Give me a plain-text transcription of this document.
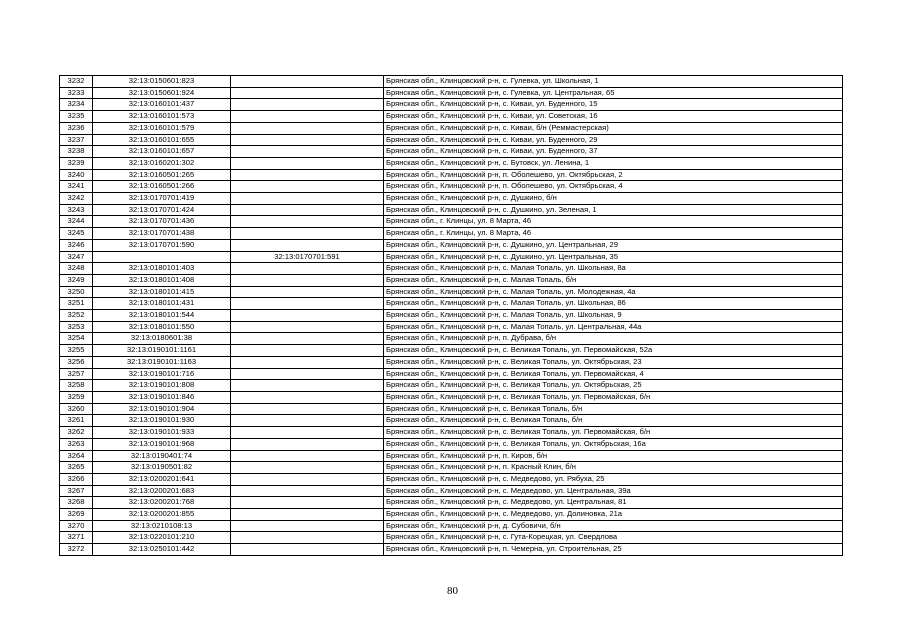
3232	32:13:0150601:823		Брянская обл., Клинцовский р-н, с. Гулевка, ул. Школьная, 1
3233	32:13:0150601:924		Брянская обл., Клинцовский р-н, с. Гулевка, ул. Центральная, 65
3234	32:13:0160101:437		Брянская обл., Клинцовский р-н, с. Киваи, ул. Буденного, 15
3235	32:13:0160101:573		Брянская обл., Клинцовский р-н, с. Киваи, ул. Советская, 16
3236	32:13:0160101:579		Брянская обл., Клинцовский р-н, с. Киваи, б/н (Реммастерская)
3237	32:13:0160101:655		Брянская обл., Клинцовский р-н, с. Киваи, ул. Буденного, 29
3238	32:13:0160101:657		Брянская обл., Клинцовский р-н, с. Киваи, ул. Буденного, 37
3239	32:13:0160201:302		Брянская обл., Клинцовский р-н, с. Бутовск, ул. Ленина, 1
3240	32:13:0160501:265		Брянская обл., Клинцовский р-н, п. Оболешево, ул. Октябрьская, 2
3241	32:13:0160501:266		Брянская обл., Клинцовский р-н, п. Оболешево, ул. Октябрьская, 4
3242	32:13:0170701:419		Брянская обл., Клинцовский р-н, с. Душкино, б/н
3243	32:13:0170701:424		Брянская обл., Клинцовский р-н, с. Душкино, ул. Зеленая, 1
3244	32:13:0170701:436		Брянская обл., г. Клинцы, ул. 8 Марта, 46
3245	32:13:0170701:438		Брянская обл., г. Клинцы, ул. 8 Марта, 46
3246	32:13:0170701:590		Брянская обл., Клинцовский р-н, с. Душкино, ул. Центральная, 29
3247		32:13:0170701:591	Брянская обл., Клинцовский р-н, с. Душкино, ул. Центральная, 35
3248	32:13:0180101:403		Брянская обл., Клинцовский р-н, с. Малая Топаль, ул. Школьная, 8а
3249	32:13:0180101:408		Брянская обл., Клинцовский р-н, с. Малая Топаль, б/н
3250	32:13:0180101:415		Брянская обл., Клинцовский р-н, с. Малая Топаль, ул. Молодежная, 4а
3251	32:13:0180101:431		Брянская обл., Клинцовский р-н, с. Малая Топаль, ул. Школьная, 86
3252	32:13:0180101:544		Брянская обл., Клинцовский р-н, с. Малая Топаль, ул. Школьная, 9
3253	32:13:0180101:550		Брянская обл., Клинцовский р-н, с. Малая Топаль, ул. Центральная, 44а
3254	32:13:0180601:38		Брянская обл., Клинцовский р-н, п. Дубрава, б/н
3255	32:13:0190101:1161		Брянская обл., Клинцовский р-н, с. Великая Топаль, ул. Первомайская, 52а
3256	32:13:0190101:1163		Брянская обл., Клинцовский р-н, с. Великая Топаль, ул. Октябрьская, 23
3257	32:13:0190101:716		Брянская обл., Клинцовский р-н, с. Великая Топаль, ул. Первомайская, 4
3258	32:13:0190101:808		Брянская обл., Клинцовский р-н, с. Великая Топаль, ул. Октябрьская, 25
3259	32:13:0190101:846		Брянская обл., Клинцовский р-н, с. Великая Топаль, ул. Первомайская, б/н
3260	32:13:0190101:904		Брянская обл., Клинцовский р-н, с. Великая Топаль, б/н
3261	32:13:0190101:930		Брянская обл., Клинцовский р-н, с. Великая Топаль, б/н
3262	32:13:0190101:933		Брянская обл., Клинцовский р-н, с. Великая Топаль, ул. Первомайская, б/н
3263	32:13:0190101:968		Брянская обл., Клинцовский р-н, с. Великая Топаль, ул. Октябрьская, 16а
3264	32:13:0190401:74		Брянская обл., Клинцовский р-н, п. Киров, б/н
3265	32:13:0190501:82		Брянская обл., Клинцовский р-н, п. Красный Клин, б/н
3266	32:13:0200201:641		Брянская обл., Клинцовский р-н, с. Медведово, ул. Рябуха, 25
3267	32:13:0200201:683		Брянская обл., Клинцовский р-н, с. Медведово, ул. Центральная, 39а
3268	32:13:0200201:768		Брянская обл., Клинцовский р-н, с. Медведово, ул. Центральная, 81
3269	32:13:0200201:855		Брянская обл., Клинцовский р-н, с. Медведово, ул. Долиновка, 21а
3270	32:13:0210108:13		Брянская обл., Клинцовский р-н, д. Субовичи, б/н
3271	32:13:0220101:210		Брянская обл., Клинцовский р-н, с. Гута-Корецкая, ул. Свердлова
3272	32:13:0250101:442		Брянская обл., Клинцовский р-н, п. Чемерна, ул. Строительная, 25
80
